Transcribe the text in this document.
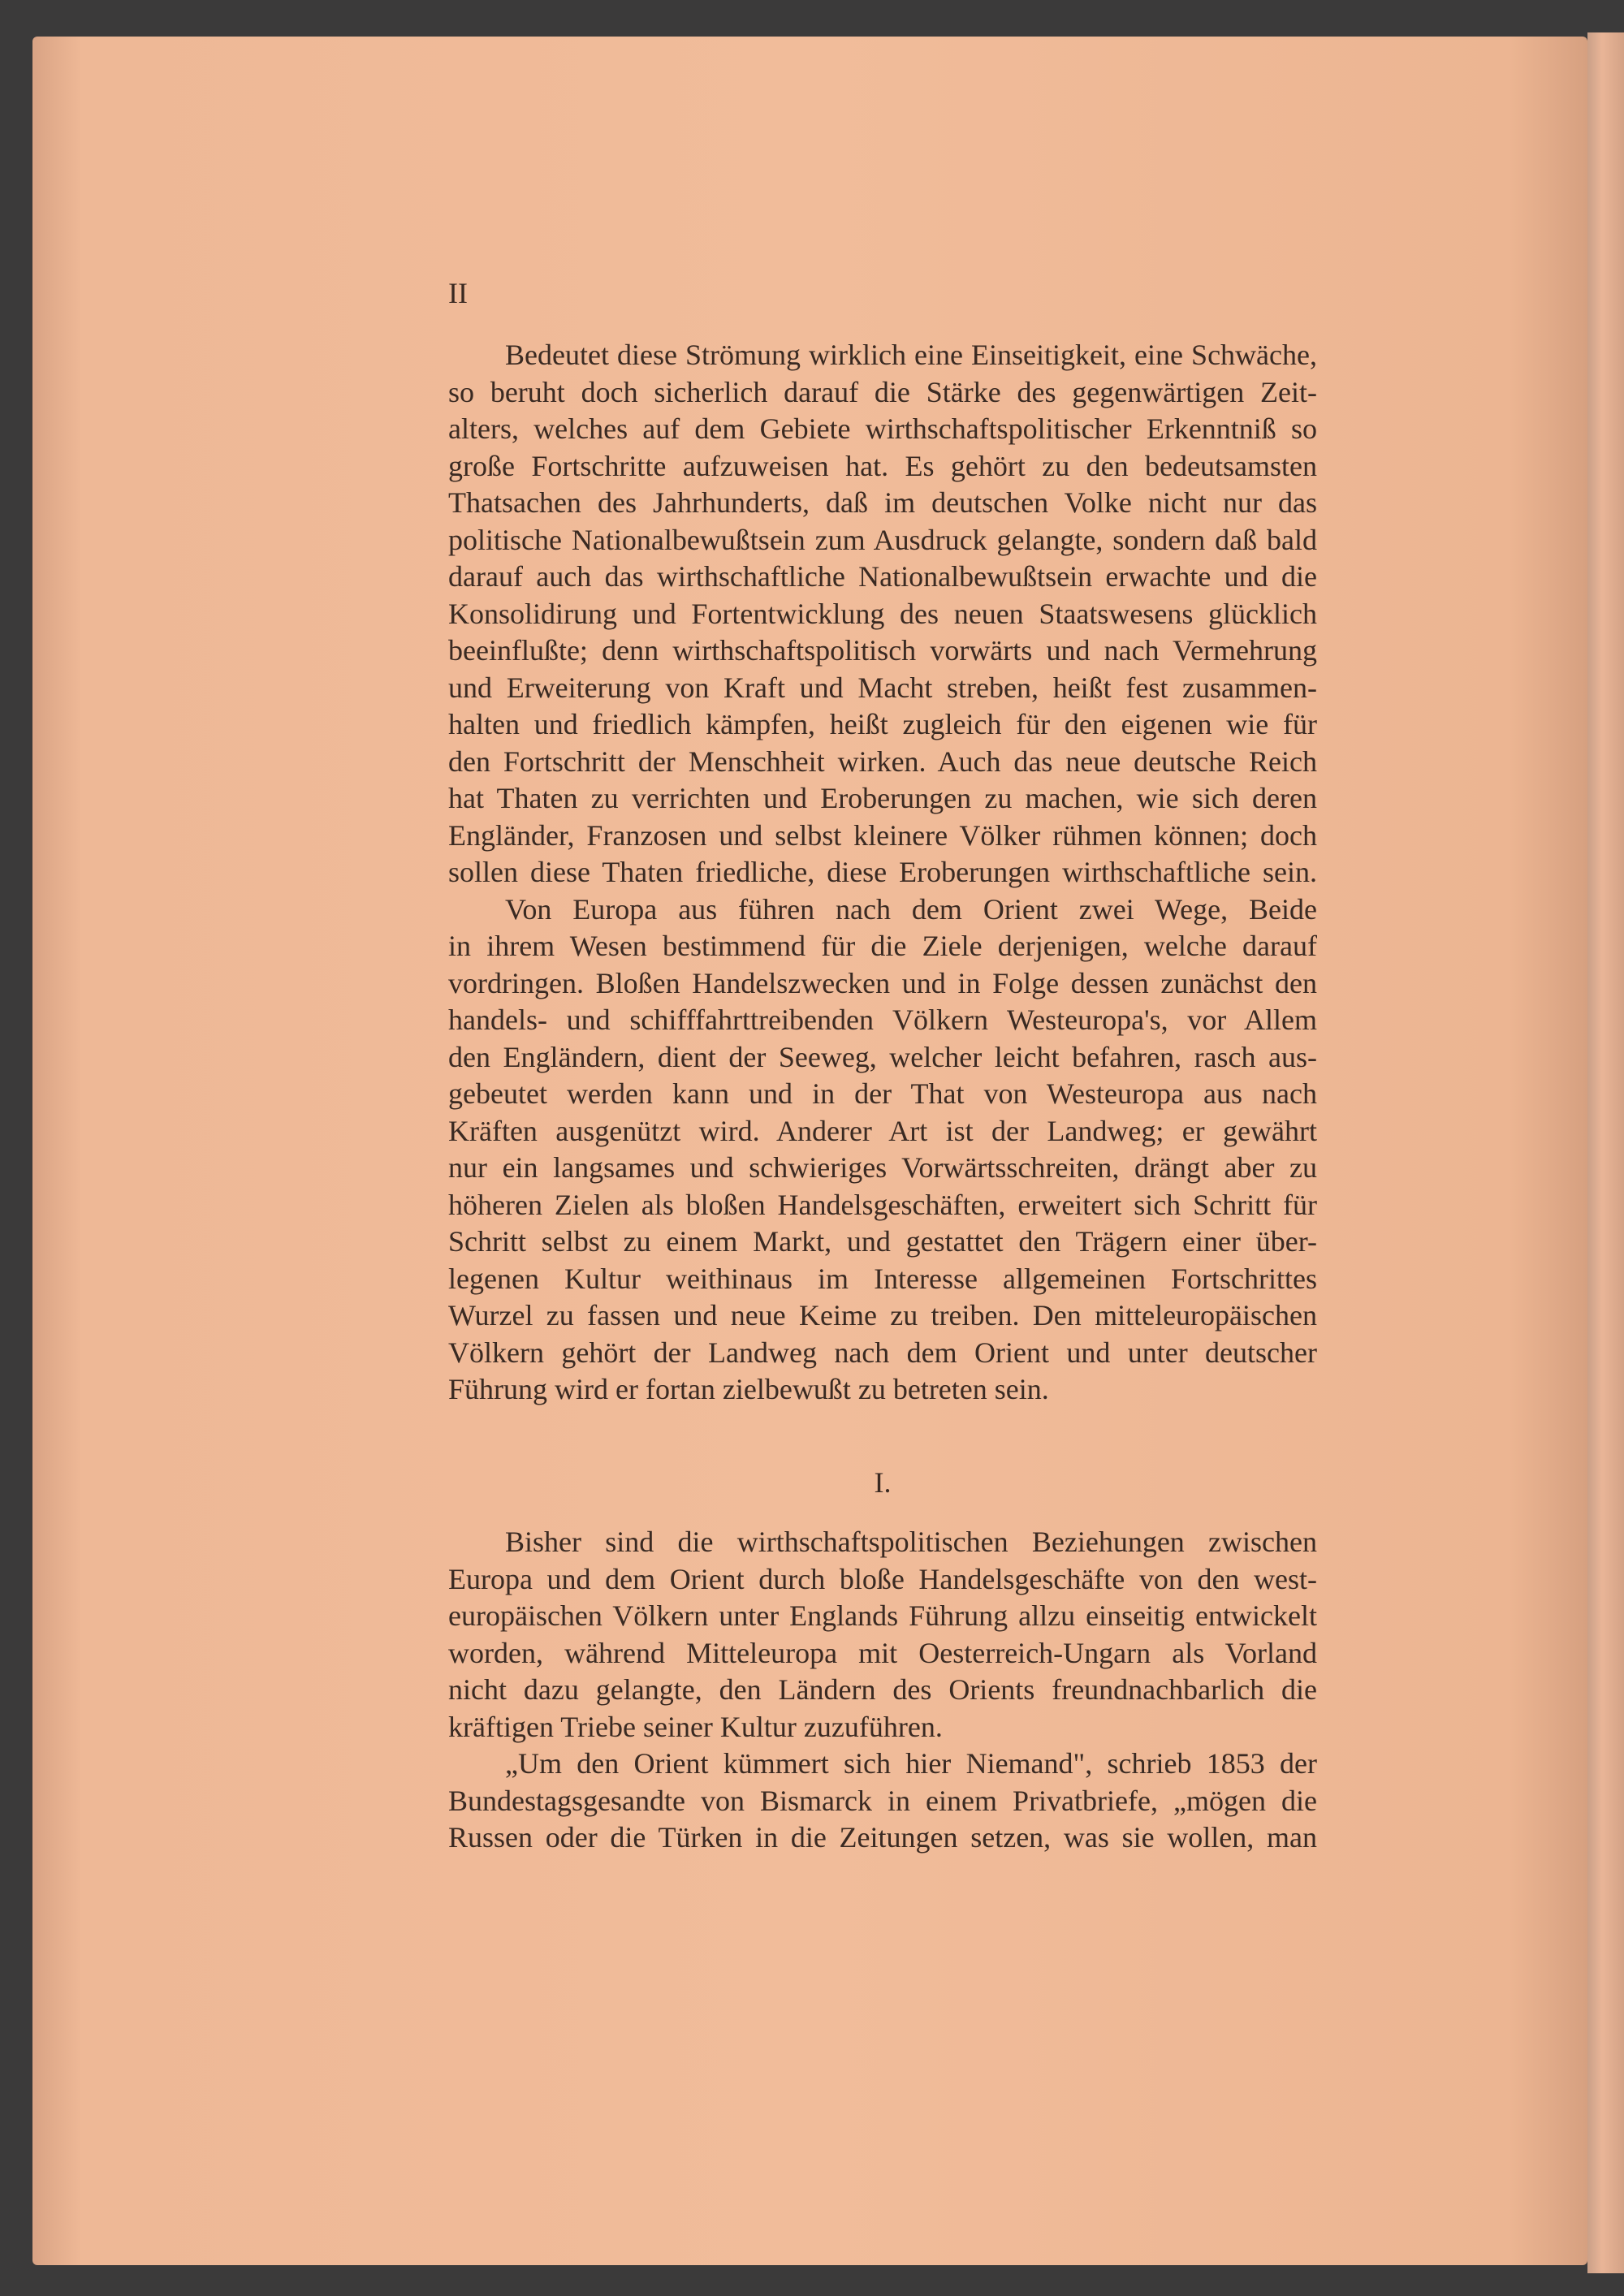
II
Bedeutet diese Strömung wirklich eine Einseitigkeit, eine Schwäche,
so beruht doch sicherlich darauf die Stärke des gegenwärtigen Zeit-
alters, welches auf dem Gebiete wirthschaftspolitischer Erkenntniß so
große Fortschritte aufzuweisen hat. Es gehört zu den bedeutsamsten
Thatsachen des Jahrhunderts, daß im deutschen Volke nicht nur das
politische Nationalbewußtsein zum Ausdruck gelangte, sondern daß bald
darauf auch das wirthschaftliche Nationalbewußtsein erwachte und die
Konsolidirung und Fortentwicklung des neuen Staatswesens glücklich
beeinflußte; denn wirthschaftspolitisch vorwärts und nach Vermehrung
und Erweiterung von Kraft und Macht streben, heißt fest zusammen-
halten und friedlich kämpfen, heißt zugleich für den eigenen wie für
den Fortschritt der Menschheit wirken. Auch das neue deutsche Reich
hat Thaten zu verrichten und Eroberungen zu machen, wie sich deren
Engländer, Franzosen und selbst kleinere Völker rühmen können; doch
sollen diese Thaten friedliche, diese Eroberungen wirthschaftliche sein.
Von Europa aus führen nach dem Orient zwei Wege, Beide
in ihrem Wesen bestimmend für die Ziele derjenigen, welche darauf
vordringen. Bloßen Handelszwecken und in Folge dessen zunächst den
handels- und schifffahrttreibenden Völkern Westeuropa's, vor Allem
den Engländern, dient der Seeweg, welcher leicht befahren, rasch aus-
gebeutet werden kann und in der That von Westeuropa aus nach
Kräften ausgenützt wird. Anderer Art ist der Landweg; er gewährt
nur ein langsames und schwieriges Vorwärtsschreiten, drängt aber zu
höheren Zielen als bloßen Handelsgeschäften, erweitert sich Schritt für
Schritt selbst zu einem Markt, und gestattet den Trägern einer über-
legenen Kultur weithinaus im Interesse allgemeinen Fortschrittes
Wurzel zu fassen und neue Keime zu treiben. Den mitteleuropäischen
Völkern gehört der Landweg nach dem Orient und unter deutscher
Führung wird er fortan zielbewußt zu betreten sein.
I.
Bisher sind die wirthschaftspolitischen Beziehungen zwischen
Europa und dem Orient durch bloße Handelsgeschäfte von den west-
europäischen Völkern unter Englands Führung allzu einseitig entwickelt
worden, während Mitteleuropa mit Oesterreich-Ungarn als Vorland
nicht dazu gelangte, den Ländern des Orients freundnachbarlich die
kräftigen Triebe seiner Kultur zuzuführen.
„Um den Orient kümmert sich hier Niemand", schrieb 1853 der
Bundestagsgesandte von Bismarck in einem Privatbriefe, „mögen die
Russen oder die Türken in die Zeitungen setzen, was sie wollen, man
